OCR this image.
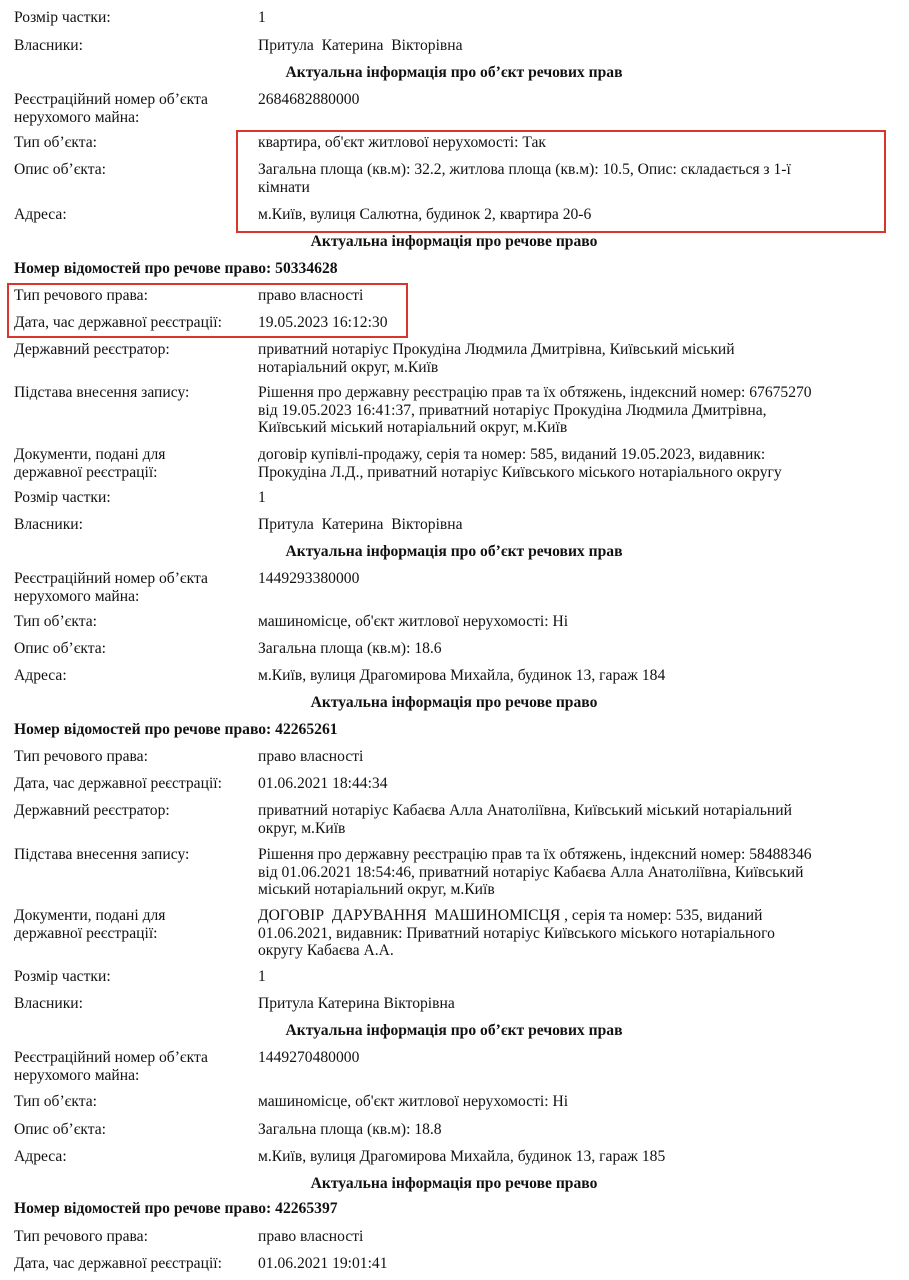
Розмір частки:	1
Власники:	Притула  Катерина  Вікторівна
Актуальна інформація про об’єкт речових прав
Реєстраційний номер об’єкта
нерухомого майна:
2684682880000
Тип об’єкта:	квартира, об'єкт житлової нерухомості: Так
Опис об’єкта:	Загальна площа (кв.м): 32.2, житлова площа (кв.м): 10.5, Опис: складається з 1-ї
кімнати
Адреса:	м.Київ, вулиця Салютна, будинок 2, квартира 20-6
Актуальна інформація про речове право
Номер відомостей про речове право: 50334628
Тип речового права:	право власності
Дата, час державної реєстрації:	19.05.2023 16:12:30
Державний реєстратор:	приватний нотаріус Прокудіна Людмила Дмитрівна, Київський міський
нотаріальний округ, м.Київ
Підстава внесення запису:	Рішення про державну реєстрацію прав та їх обтяжень, індексний номер: 67675270
від 19.05.2023 16:41:37, приватний нотаріус Прокудіна Людмила Дмитрівна,
Київський міський нотаріальний округ, м.Київ
Документи, подані для
державної реєстрації:
договір купівлі-продажу, серія та номер: 585, виданий 19.05.2023, видавник:
Прокудіна Л.Д., приватний нотаріус Київського міського нотаріального округу
Розмір частки:	1
Власники:	Притула  Катерина  Вікторівна
Актуальна інформація про об’єкт речових прав
Реєстраційний номер об’єкта
нерухомого майна:
1449293380000
Тип об’єкта:	машиномісце, об'єкт житлової нерухомості: Ні
Опис об’єкта:	Загальна площа (кв.м): 18.6
Адреса:	м.Київ, вулиця Драгомирова Михайла, будинок 13, гараж 184
Актуальна інформація про речове право
Номер відомостей про речове право: 42265261
Тип речового права:	право власності
Дата, час державної реєстрації:	01.06.2021 18:44:34
Державний реєстратор:	приватний нотаріус Кабаєва Алла Анатоліївна, Київський міський нотаріальний
округ, м.Київ
Підстава внесення запису:	Рішення про державну реєстрацію прав та їх обтяжень, індексний номер: 58488346
від 01.06.2021 18:54:46, приватний нотаріус Кабаєва Алла Анатоліївна, Київський
міський нотаріальний округ, м.Київ
Документи, подані для
державної реєстрації:
ДОГОВІР  ДАРУВАННЯ  МАШИНОМІСЦЯ , серія та номер: 535, виданий
01.06.2021, видавник: Приватний нотаріус Київського міського нотаріального
округу Кабаєва А.А.
Розмір частки:	1
Власники:	Притула Катерина Вікторівна
Актуальна інформація про об’єкт речових прав
Реєстраційний номер об’єкта
нерухомого майна:
1449270480000
Тип об’єкта:	машиномісце, об'єкт житлової нерухомості: Ні
Опис об’єкта:	Загальна площа (кв.м): 18.8
Адреса:	м.Київ, вулиця Драгомирова Михайла, будинок 13, гараж 185
Актуальна інформація про речове право
Номер відомостей про речове право: 42265397
Тип речового права:	право власності
Дата, час державної реєстрації:	01.06.2021 19:01:41
